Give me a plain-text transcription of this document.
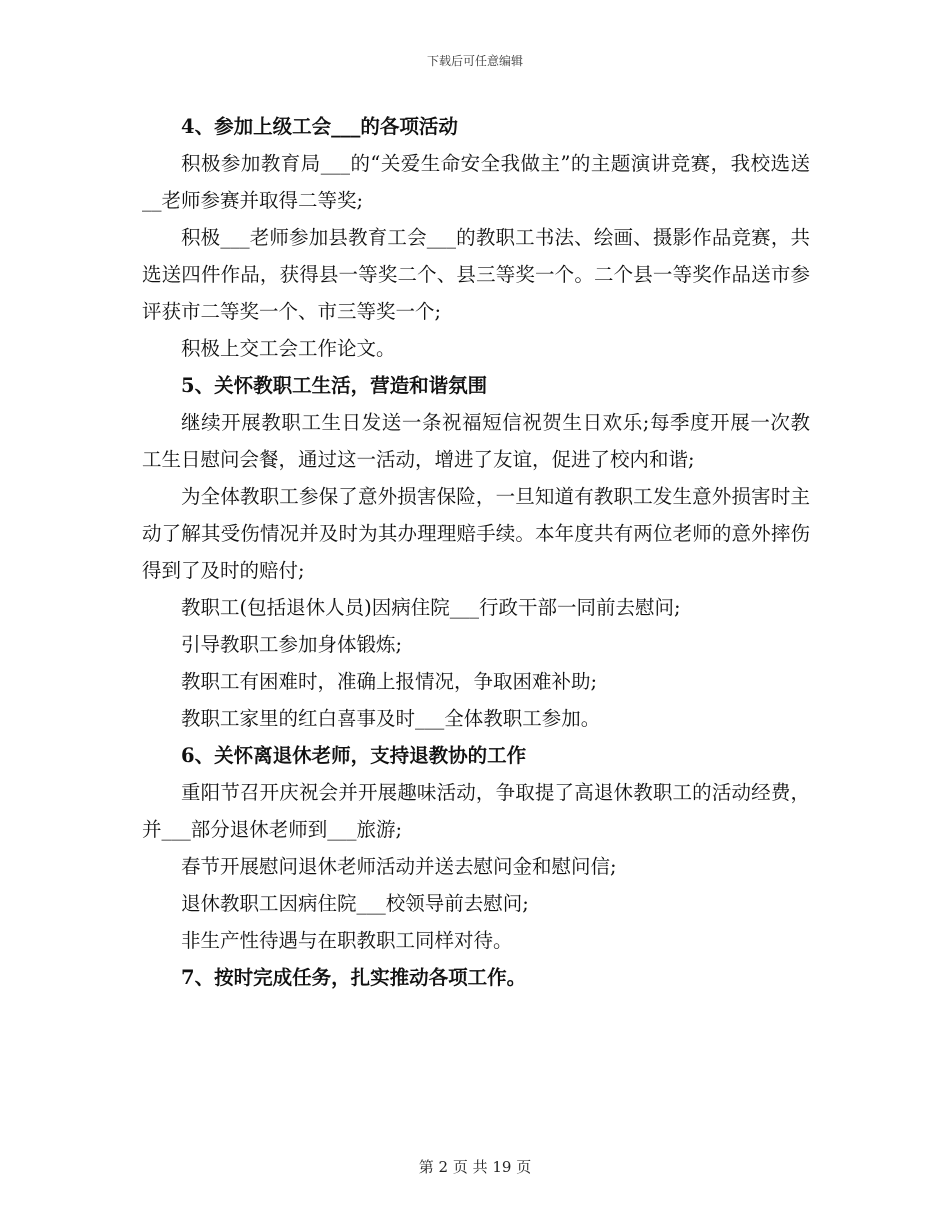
下载后可任意编辑

4、参加上级工会___的各项活动

积极参加教育局___的“关爱生命安全我做主”的主题演讲竞赛，我校选送__老师参赛并取得二等奖;

积极___老师参加县教育工会___的教职工书法、绘画、摄影作品竞赛，共选送四件作品，获得县一等奖二个、县三等奖一个。二个县一等奖作品送市参评获市二等奖一个、市三等奖一个;

积极上交工会工作论文。

5、关怀教职工生活，营造和谐氛围

继续开展教职工生日发送一条祝福短信祝贺生日欢乐;每季度开展一次教工生日慰问会餐，通过这一活动，增进了友谊，促进了校内和谐;

为全体教职工参保了意外损害保险，一旦知道有教职工发生意外损害时主动了解其受伤情况并及时为其办理理赔手续。本年度共有两位老师的意外摔伤得到了及时的赔付;

教职工(包括退休人员)因病住院___行政干部一同前去慰问;

引导教职工参加身体锻炼;

教职工有困难时，准确上报情况，争取困难补助;

教职工家里的红白喜事及时___全体教职工参加。

6、关怀离退休老师，支持退教协的工作

重阳节召开庆祝会并开展趣味活动，争取提了高退休教职工的活动经费，并___部分退休老师到___旅游;

春节开展慰问退休老师活动并送去慰问金和慰问信;

退休教职工因病住院___校领导前去慰问;

非生产性待遇与在职教职工同样对待。

7、按时完成任务，扎实推动各项工作。

第 2 页 共 19 页
